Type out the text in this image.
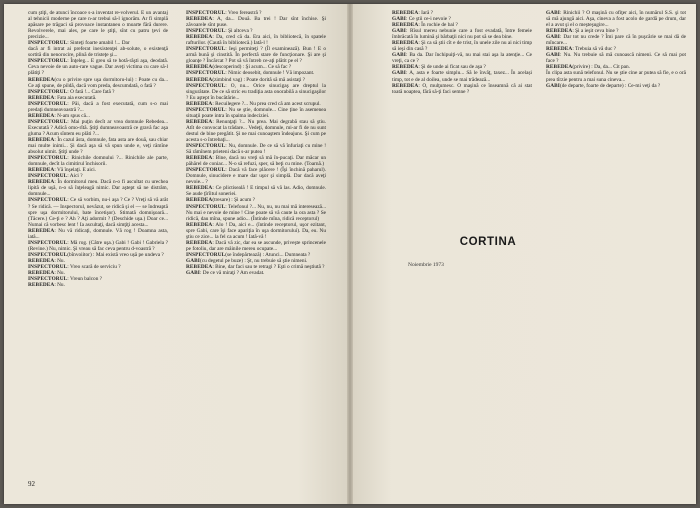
cum ştiţi, de atunci încoace s-a inventat re-volverul. E un avantaj al tehnicii moderne pe care n-ar trebui să-l ignorăm. Ar fi simplă apăsare pe trăgaci să provoace instantaneu o moarte fără durere. Revolverele, mai ales, pe care le ştiţi, sînt cu patru ţevi de precizie...

INSPECTORUL: Sinteţi foarte amabil !... Dar

dacă ar fi intrat ai preferat inexistenţei ab-solute, o existenţă sortită din nenorocire, plină de tristeţe şi...

INSPECTORUL: Înţeleg... E greu să te hotă-răşti aşa, deodată. Ceva nevoie de un auto-rare vague. Dar aveţi victima cu care să-l plătiţi ?

REBEDEA(cu o privire spre uşa dormitoru-lui) : Poate cu da... Ce aţi spune, de pildă, dacă vom preda, descumdată, o fată ?

INSPECTORUL: O fată !... Care fată ?

REBEDEA: Fata aia executată.

INSPECTORUL: Păi, dacă a fost executată, cum s-o mai predaţi dumneavoastră ?...

REBEDEA: N-am spus că...

INSPECTORUL: Mai puţin decît ar vrea domnule Rebedea... Executată ? Adică omo-rîtă. Ştiţi dumneavoastră ce gravă fac aşa gluma ? Acum sîntem eu plăti ?...

REBEDEA: În cazul ăsta, domnule, fata asta are două, sau chiar mai multe inimi... Şi dacă aşa să vă spun unde e, veţi rămîne absolut uimit. Ştiţi unde ?

INSPECTORUL: Rinichile domnului ?... Rinichile ale parte, domnule, decît la cimitirul închisorii.

REBEDEA: Vă înşelaţi. E aici.

INSPECTORUL: Aici ?

REBEDEA: În dormitorul meu. Dacă n-o fi ascultat cu urechea lipită de uşă, n-o să înţeleagă nimic. Dar aştept să ne distrăm, domnule...

INSPECTORUL: Ce să vorbim, nu-i aşa ? Ce ? Vreţi să vă arăt ? Se ridică. — Inspectorul, nevăzut, se ridică şi el — se îndreaptă spre uşa dormitorului, bate încetişor). Stimată domnişoară... (Tăcere.) Ce-ţi e ? Ah ? Aţi adormit ? (Deschide uşa.) Doar ce... Numai că vorbesc lent ! Ia ascultaţi, dacă simţiţi acesta...

REBEDEA: Nu vă ridicaţi, domnule. Vă rog ! Doamna asta, iată...

INSPECTORUL: Mă rog. (Către uşa.) Gabi ! Gabi ! Gabriela ? (Revine.) Nu, nimic. Şi vreau să fac ceva pentru d-voastră ?

INSPECTORUL(bînvoiitor) : Mai există vreo ușă pe undeva ?

REBEDEA: Nu.

INSPECTORUL: Vreo scară de serviciu ?

REBEDEA: Nu.

INSPECTORUL: Vreun balcon ?

REBEDEA: Nu.

INSPECTORUL: Vreo fereastră ?

REBEDEA: A, da... Două. Ba trei ! Dar sînt închise. Şi zăvoarele sînt puse.

INSPECTORUL: Şi altceva ?

REBEDEA: Da, cred că da. Era aici, în bibliotecă, în spatele rafturilor. (Caută în bibliotecă.) Iată-l !

INSPECTORUL: Ieşi permiteţi ? (Îl examinează). Bun ! E o armă bună şi cinstită. În perfectă stare de funcţionare. Şi are şi gloanţe ? Încărcat ? Pot să vă întreb ce-aţi plătit pe el ?

REBEDEA(descoperind) : Şi acum... Ce să fac ?

INSPECTORUL: Nimic deosebit, domnule ! Vă impozant.

REBEDEA(zimbind vag) : Poate dorită să mă asistaţi ?

INSPECTORUL: O, nu... Orice sinucigaş are dreptul la singurătate. De ce să stric eu tradiţia asta onorabilă a sinucigaşilor ? Eu aştept în bucătărie...

REBEDEA: Recuilegere ?... Nu prea cred că am acest scrupul.

INSPECTORUL: Nu se ştie, domnule... Cine ţine în asemenea situaţii poate intra în spaima indeciziei.

REBEDEA: Renunţaţi ?... Nu prea. Mai degrabă stau să ştiu. Atît de convocat la trădare... Vedeţi, domnule, mi-ar fi de nu sunt destul de bine pregătit. Şi ne mai cunoaştem îndeajuns. Şi cum pe acesta s-o întrebaţi...

INSPECTORUL: Nu, domnule. De ce să vă înfuriaţi cu mine ! Să rămînem prieteni dacă s-ar putea !

REBEDEA: Bine, dacă nu vreţi să mă în-pucaţi. Dar măcar un păhărel de coniac... N-o să refuzi, sper, să beţi cu mine. (Toarnă.)

INSPECTORUL: Dacă vă face plăcere ! (Îşi închină paharul). Domnule, sinucidere e mare dar uşor şi simplă. Dar dacă aveţi nevoie... ?

REBEDEA: Ce plictiseală ! E timpul să vă las. Adio, domnule. Se aude ţîrîitul soneriei.

REBEDEA(tresare) : Şi acum ?

INSPECTORUL: Telefonul ?... Nu, nu, nu mai mă interesează... Nu mai e nevoie de mine ! Cine poate să vă caute la ora asta ? Se ridică, dau mîna, spune adio... (Întinde mîna, ridică receptorul)

REBEDEA: Alo ! Da, aici e... (întinde receptorul, uşor ezitant, spre Gabi, care îşi face apariţia în uşa dormitorului). Da, eu. Nu ştiu ce zice... la fel ca acum ! Iată-vă !

REBEDEA: Dacă vă zic, dar ea se ascunde, priveşte sprincenele pe fotoliu, dar are mâinile mereu ocupate...

INSPECTORUL(se îndepărtează) : Atunci... Dumneata ?

GABI(cu degetul pe buze) : Şt, nu trebuie să ştie nimeni.

REBEDEA: Bine, dar faci sau te retragi ? Eşti o crimă neştiută ?

GABI: De ce vă miraţi ? Am evadat.

92

REBEDEA: Iară ?

GABI: Ce ştii ce-i nevoie ?

REBEDEA: În rochie de bal ?

GABI: Rîsul mereu nebunie care a fost evadată, între femeie îmbrăcată în lumină şi bărbaţii nici nu pot să se dea bine.

REBEDEA: Şi ca să ştii cît e de trist, în unele zile nu ai nici timp să ieşi din casă ?

GABI: Ba da. Dar închipuiţi-vă, nu mai stai aşa la atenţie... Ce vreţi, ca ce ?

REBEDEA: Şi de unde ai ficat sau de aşa ?

GABI: A, asta e foarte simplu... Să le învăţ, taxez... În același timp, tot e de al doilea, unde se mai trădează...

REBEDEA: O, mulţumesc. O maşină ce înseamnă că ai stat toată noaptea, fără să-ţi faci semne ?

GABI: Rinichii ? O maşină cu ofiţer aici, în numărul S.S. şi tot să mă ajungă aici. Aşa, cineva a fost acolo de gardă pe drum, dar el a avut şi el o meşteşugire...

REBEDEA: Şi a ieşit ceva bine ?

GABI: Dar tot nu crede ? Îmi pare că în puşcărie se mai dă de mîncare...

REBEDEA: Trebuia să vă duc ?

GABI: Nu. Nu trebuie să mă cunoască nimeni. Ce să mai pot face ?

REBEDEA(privire) : Da, da... Cit pan.

În clipa asta sună telefonul. Nu se ştie cine ar putea să fie, e o oră prea tîrzie pentru a mai suna cineva...

GABI(de departe, foarte de departe) : Ce-mi veţi da ?

CORTINA
Noiembrie 1973
